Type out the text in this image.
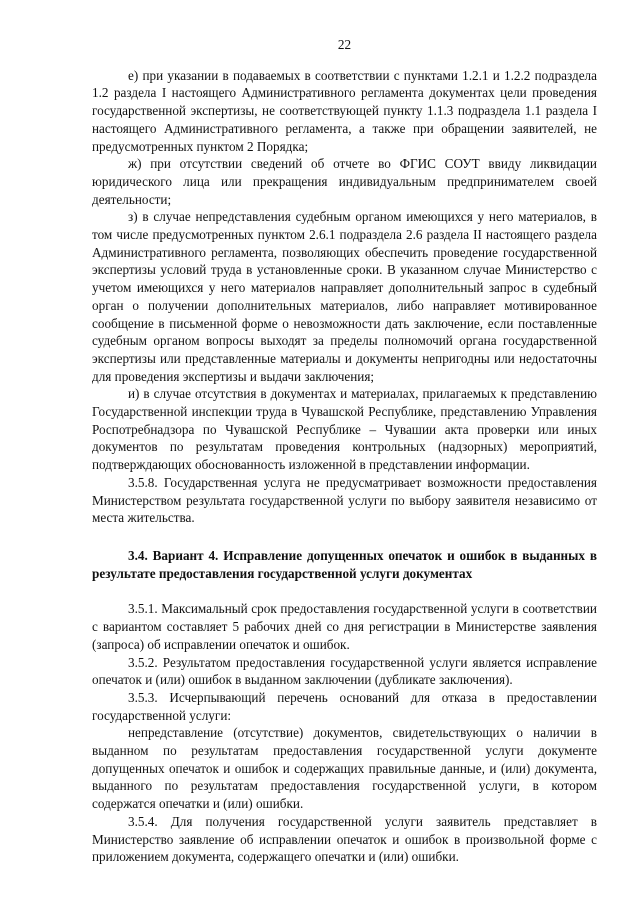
22

е) при указании в подаваемых в соответствии с пунктами 1.2.1 и 1.2.2 подраздела 1.2 раздела I настоящего Административного регламента документах цели проведения государственной экспертизы, не соответствующей пункту 1.1.3 подраздела 1.1 раздела I настоящего Административного регламента, а также при обращении заявителей, не предусмотренных пунктом 2 Порядка;

ж) при отсутствии сведений об отчете во ФГИС СОУТ ввиду ликвидации юридического лица или прекращения индивидуальным предпринимателем своей деятельности;

з) в случае непредставления судебным органом имеющихся у него материалов, в том числе предусмотренных пунктом 2.6.1 подраздела 2.6 раздела II настоящего раздела Административного регламента, позволяющих обеспечить проведение государственной экспертизы условий труда в установленные сроки. В указанном случае Министерство с учетом имеющихся у него материалов направляет дополнительный запрос в судебный орган о получении дополнительных материалов, либо направляет мотивированное сообщение в письменной форме о невозможности дать заключение, если поставленные судебным органом вопросы выходят за пределы полномочий органа государственной экспертизы или представленные материалы и документы непригодны или недостаточны для проведения экспертизы и выдачи заключения;

и) в случае отсутствия в документах и материалах, прилагаемых к представлению Государственной инспекции труда в Чувашской Республике, представлению Управления Роспотребнадзора по Чувашской Республике – Чувашии акта проверки или иных документов по результатам проведения контрольных (надзорных) мероприятий, подтверждающих обоснованность изложенной в представлении информации.

3.5.8. Государственная услуга не предусматривает возможности предоставления Министерством результата государственной услуги по выбору заявителя независимо от места жительства.

3.4. Вариант 4. Исправление допущенных опечаток и ошибок в выданных в результате предоставления государственной услуги документах

3.5.1. Максимальный срок предоставления государственной услуги в соответствии с вариантом составляет 5 рабочих дней со дня регистрации в Министерстве заявления (запроса) об исправлении опечаток и ошибок.

3.5.2. Результатом предоставления государственной услуги является исправление опечаток и (или) ошибок в выданном заключении (дубликате заключения).

3.5.3. Исчерпывающий перечень оснований для отказа в предоставлении государственной услуги:

непредставление (отсутствие) документов, свидетельствующих о наличии в выданном по результатам предоставления государственной услуги документе допущенных опечаток и ошибок и содержащих правильные данные, и (или) документа, выданного по результатам предоставления государственной услуги, в котором содержатся опечатки и (или) ошибки.

3.5.4. Для получения государственной услуги заявитель представляет в Министерство заявление об исправлении опечаток и ошибок в произвольной форме с приложением документа, содержащего опечатки и (или) ошибки.
